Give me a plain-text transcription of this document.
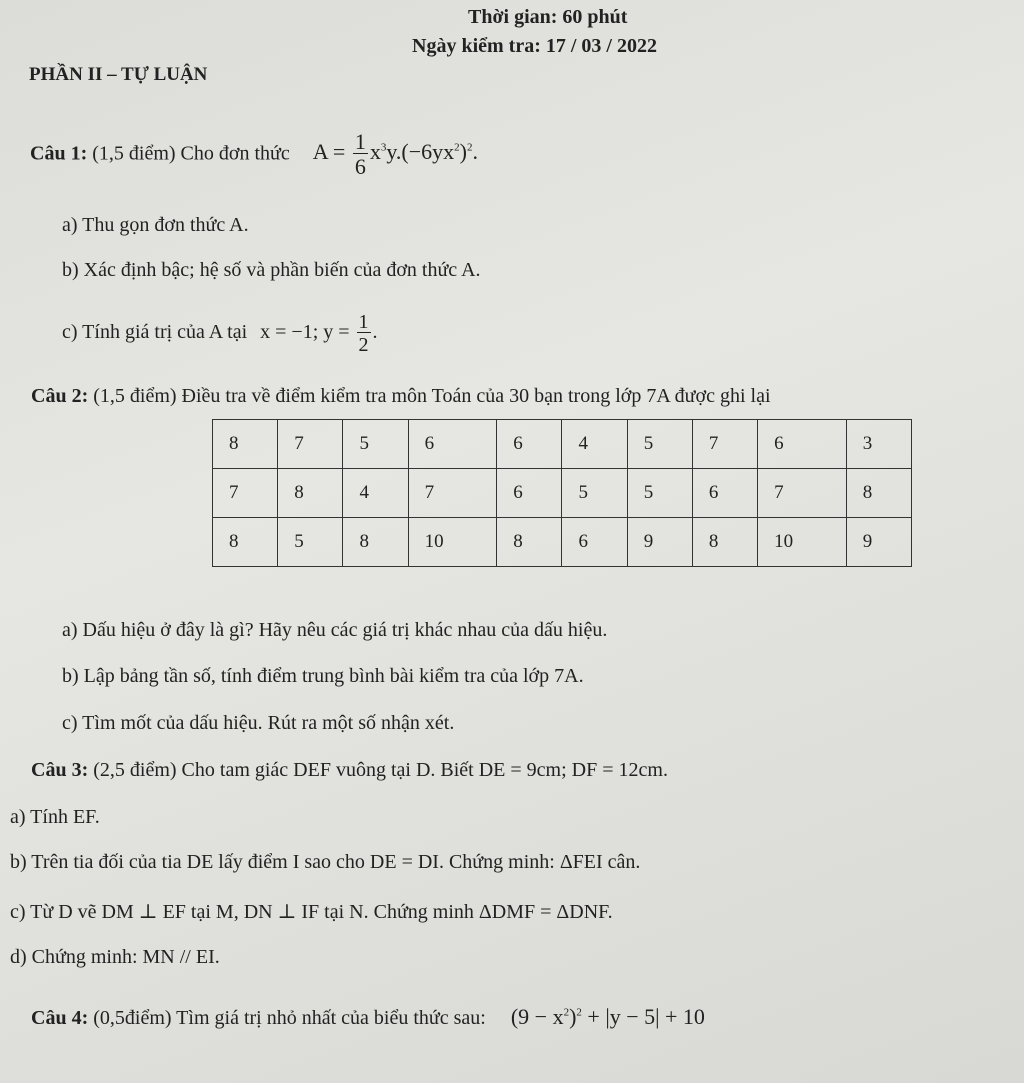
Thời gian: 60 phút
Ngày kiểm tra: 17 / 03 / 2022
PHẦN II – TỰ LUẬN
Câu 1: (1,5 điểm) Cho đơn thức $A = \frac{1}{6} x^3y.(-6yx^2)^2$.
a) Thu gọn đơn thức A.
b) Xác định bậc; hệ số và phần biến của đơn thức A.
c) Tính giá trị của A tại x = −1; $y = \frac{1}{2}$ .
Câu 2: (1,5 điểm) Điều tra về điểm kiểm tra môn Toán của 30 bạn trong lớp 7A được ghi lại
8	7	5	6	6	4	5	7	6	3
7	8	4	7	6	5	5	6	7	8
8	5	8	10	8	6	9	8	10	9
a) Dấu hiệu ở đây là gì? Hãy nêu các giá trị khác nhau của dấu hiệu.
b) Lập bảng tần số, tính điểm trung bình bài kiểm tra của lớp 7A.
c) Tìm mốt của dấu hiệu. Rút ra một số nhận xét.
Câu 3: (2,5 điểm) Cho tam giác DEF vuông tại D. Biết DE = 9cm; DF = 12cm.
a) Tính EF.
b) Trên tia đối của tia DE lấy điểm I sao cho DE = DI. Chứng minh: ΔFEI cân.
c) Từ D vẽ DM ⊥ EF tại M, DN ⊥ IF tại N. Chứng minh ΔDMF = ΔDNF.
d) Chứng minh: MN // EI.
Câu 4: (0,5điểm) Tìm giá trị nhỏ nhất của biểu thức sau: $(9 - x^2)^2 + |y - 5| + 10$
